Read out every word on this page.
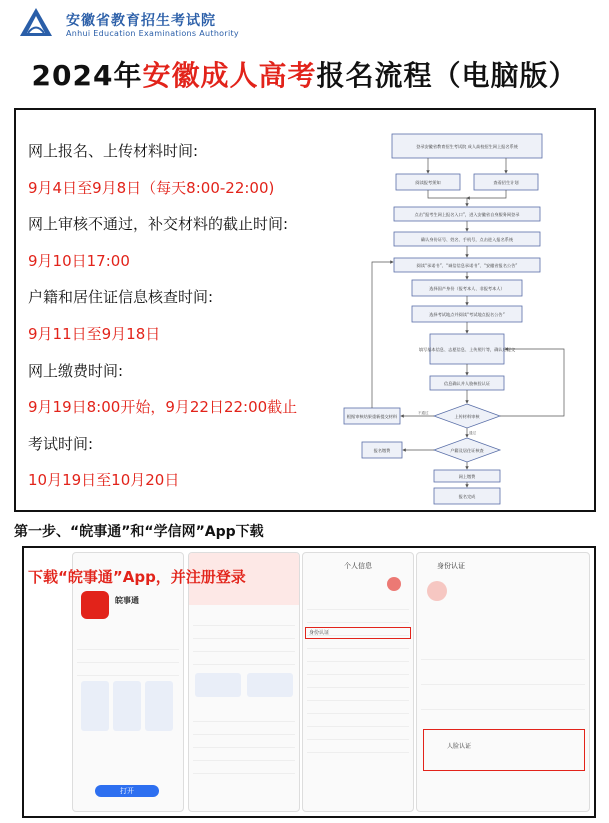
安徽省教育招生考试院
Anhui Education Examinations Authority
2024年安徽成人高考报名流程（电脑版）
网上报名、上传材料时间:
9月4日至9月8日（每天8:00-22:00)
网上审核不通过，补交材料的截止时间:
9月10日17:00
户籍和居住证信息核查时间:
9月11日至9月18日
网上缴费时间:
9月19日8:00开始，9月22日22:00截止
考试时间:
10月19日至10月20日
登录安徽省教育招生考试院 成人高校招生网上报名系统
阅读报考须知	查看招生计划
点击“报考生网上报名入口”，进入安徽省自身服务网登录
确认身份证号、姓名、手机号，点击进入报名系统
阅读“承诺书”、“诚信信息承诺书”、“安徽省报名公告”
选择国产身份（报考本人、非报考本人）
选择考试地点并阅读“考试地点报名公告”
填写基本信息、志愿信息、上传照片等，确认后提交
信息确认并人脸核验认证
上传材料审核
根据审核结果重新提交材料
户籍及居住证核查
报名缴费
网上缴费
报名完成
不通过
通过
第一步、“皖事通”和“学信网”App下载
下载“皖事通”App，并注册登录
皖事通
打开
个人信息
身份认证
身份认证
人脸认证
